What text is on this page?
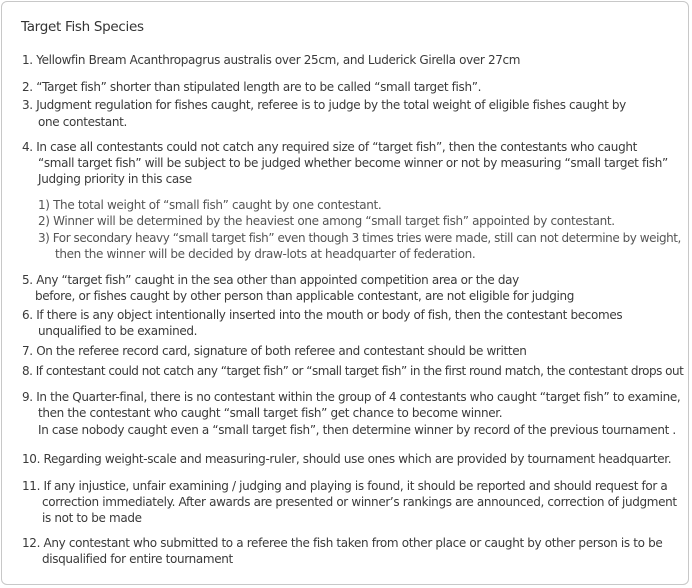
Target Fish Species
1. Yellowfin Bream Acanthropagrus australis over 25cm, and Luderick Girella over 27cm
2. “Target fish” shorter than stipulated length are to be called “small target fish”.
3. Judgment regulation for fishes caught, referee is to judge by the total weight of eligible fishes caught by
one contestant.
4. In case all contestants could not catch any required size of “target fish”, then the contestants who caught
“small target fish” will be subject to be judged whether become winner or not by measuring “small target fish”
Judging priority in this case
1) The total weight of “small fish” caught by one contestant.
2) Winner will be determined by the heaviest one among “small target fish” appointed by contestant.
3) For secondary heavy “small target fish” even though 3 times tries were made, still can not determine by weight,
then the winner will be decided by draw-lots at headquarter of federation.
5. Any “target fish” caught in the sea other than appointed competition area or the day
before, or fishes caught by other person than applicable contestant, are not eligible for judging
6. If there is any object intentionally inserted into the mouth or body of fish, then the contestant becomes
unqualified to be examined.
7. On the referee record card, signature of both referee and contestant should be written
8. If contestant could not catch any “target fish” or “small target fish” in the first round match, the contestant drops out
9. In the Quarter-final, there is no contestant within the group of 4 contestants who caught “target fish” to examine,
then the contestant who caught “small target fish” get chance to become winner.
In case nobody caught even a “small target fish”, then determine winner by record of the previous tournament .
10. Regarding weight-scale and measuring-ruler, should use ones which are provided by tournament headquarter.
11. If any injustice, unfair examining / judging and playing is found, it should be reported and should request for a
correction immediately. After awards are presented or winner’s rankings are announced, correction of judgment
is not to be made
12. Any contestant who submitted to a referee the fish taken from other place or caught by other person is to be
disqualified for entire tournament
